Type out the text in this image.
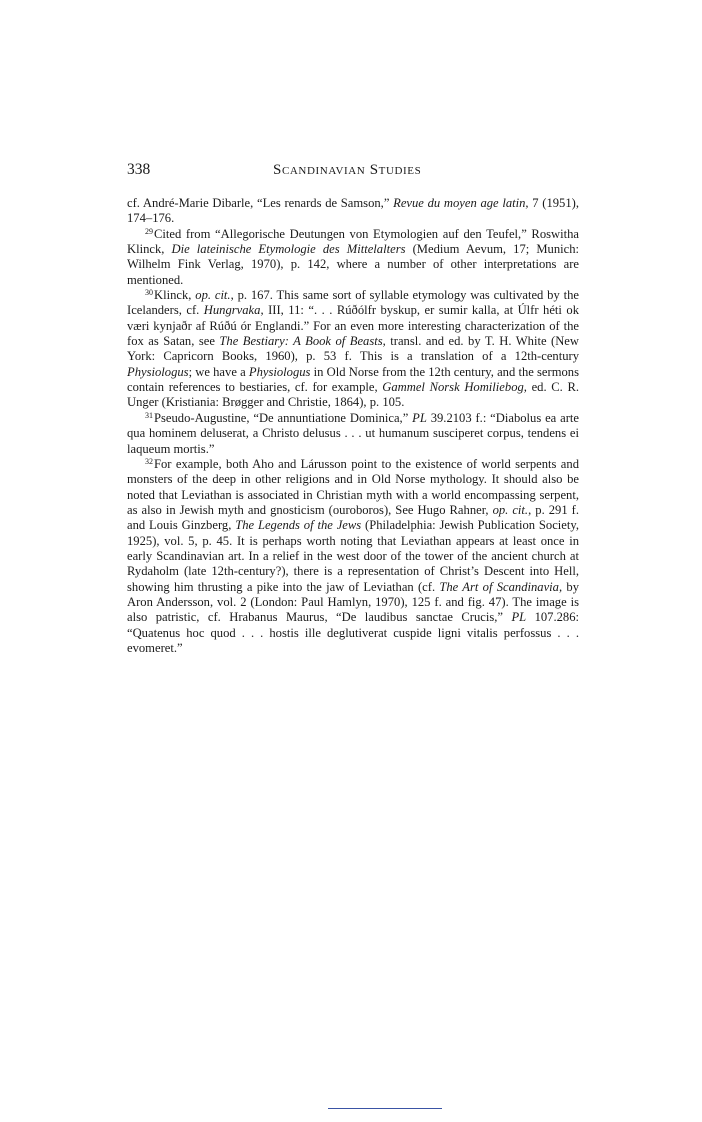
338	Scandinavian Studies

cf. André-Marie Dibarle, “Les renards de Samson,” Revue du moyen age latin, 7 (1951), 174–176.

$^{29}$Cited from “Allegorische Deutungen von Etymologien auf den Teufel,” Roswitha Klinck, Die lateinische Etymologie des Mittelalters (Medium Aevum, 17; Munich: Wilhelm Fink Verlag, 1970), p. 142, where a number of other interpretations are mentioned.

$^{30}$Klinck, op. cit., p. 167. This same sort of syllable etymology was cultivated by the Icelanders, cf. Hungrvaka, III, 11: “. . . Rúðólfr byskup, er sumir kalla, at Úlfr héti ok væri kynjaðr af Rúðú ór Englandi.” For an even more interesting characterization of the fox as Satan, see The Bestiary: A Book of Beasts, transl. and ed. by T. H. White (New York: Capricorn Books, 1960), p. 53 f. This is a translation of a 12th-century Physiologus; we have a Physiologus in Old Norse from the 12th century, and the sermons contain references to bestiaries, cf. for example, Gammel Norsk Homiliebog, ed. C. R. Unger (Kristiania: Brøgger and Christie, 1864), p. 105.

$^{31}$Pseudo-Augustine, “De annuntiatione Dominica,” PL 39.2103 f.: “Diabolus ea arte qua hominem deluserat, a Christo delusus . . . ut humanum susciperet corpus, tendens ei laqueum mortis.”

$^{32}$For example, both Aho and Lárusson point to the existence of world serpents and monsters of the deep in other religions and in Old Norse mythology. It should also be noted that Leviathan is associated in Christian myth with a world encompassing serpent, as also in Jewish myth and gnosticism (ouroboros), See Hugo Rahner, op. cit., p. 291 f. and Louis Ginzberg, The Legends of the Jews (Philadelphia: Jewish Publication Society, 1925), vol. 5, p. 45. It is perhaps worth noting that Leviathan appears at least once in early Scandinavian art. In a relief in the west door of the tower of the ancient church at Rydaholm (late 12th-century?), there is a representation of Christ’s Descent into Hell, showing him thrusting a pike into the jaw of Leviathan (cf. The Art of Scandinavia, by Aron Andersson, vol. 2 (London: Paul Hamlyn, 1970), 125 f. and fig. 47). The image is also patristic, cf. Hrabanus Maurus, “De laudibus sanctae Crucis,” PL 107.286: “Quatenus hoc quod . . . hostis ille deglutiverat cuspide ligni vitalis perfossus . . . evomeret.”
